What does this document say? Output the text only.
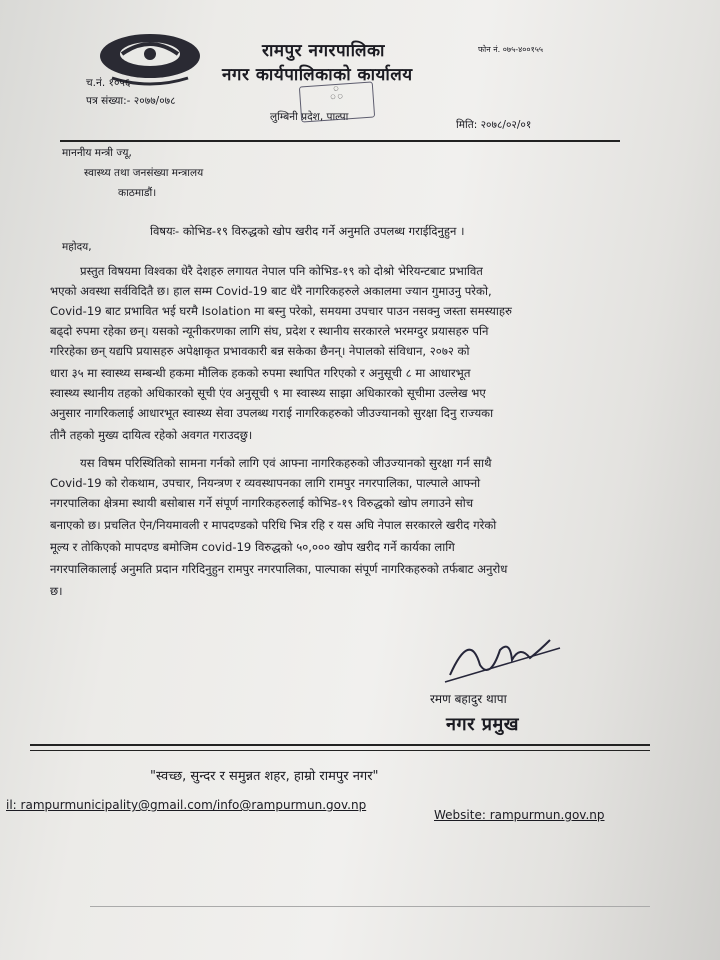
रामपुर नगरपालिका
नगर कार्यपालिकाको कार्यालय
लुम्बिनी प्रदेश, पाल्पा
च.नं. १०५६
पत्र संख्या:- २०७७/०७८
फोन नं. ०७५-४००१५५
मिति: २०७८/०२/०१
○
○ ○
माननीय मन्त्री ज्यू,
स्वास्थ्य तथा जनसंख्या मन्त्रालय
काठमाडौं।
विषयः- कोभिड-१९ विरुद्धको खोप खरीद गर्ने अनुमति उपलब्ध गराईदिनुहुन ।
महोदय,
प्रस्तुत विषयमा विश्वका धेरै देशहरु लगायत नेपाल पनि कोभिड-१९ को दोश्रो भेरियन्टबाट प्रभावित
भएको अवस्था सर्वविदितै छ। हाल सम्म Covid-19 बाट धेरै नागरिकहरुले अकालमा ज्यान गुमाउनु परेको,
Covid-19 बाट प्रभावित भई घरमै Isolation मा बस्नु परेको, समयमा उपचार पाउन नसक्नु जस्ता समस्याहरु
बढ्दो रुपमा रहेका छन्। यसको न्यूनीकरणका लागि संघ, प्रदेश र स्थानीय सरकारले भरमग्दुर प्रयासहरु पनि
गरिरहेका छन् यद्यपि प्रयासहरु अपेक्षाकृत प्रभावकारी बन्न सकेका छैनन्। नेपालको संविधान, २०७२ को
धारा ३५ मा स्वास्थ्य सम्बन्धी हकमा मौलिक हकको रुपमा स्थापित गरिएको र अनुसूची ८ मा आधारभूत
स्वास्थ्य स्थानीय तहको अधिकारको सूची एंव अनुसूची ९ मा स्वास्थ्य साझा अधिकारको सूचीमा उल्लेख भए
अनुसार नागरिकलाई आधारभूत स्वास्थ्य सेवा उपलब्ध गराई नागरिकहरुको जीउज्यानको सुरक्षा दिनु राज्यका
तीनै तहको मुख्य दायित्व रहेको अवगत गराउदछु।
यस विषम परिस्थितिको सामना गर्नको लागि एवं आफ्ना नागरिकहरुको जीउज्यानको सुरक्षा गर्न साथै
Covid-19 को रोकथाम, उपचार, नियन्त्रण र व्यवस्थापनका लागि रामपुर नगरपालिका, पाल्पाले आफ्नो
नगरपालिका क्षेत्रमा स्थायी बसोबास गर्ने संपूर्ण नागरिकहरुलाई कोभिड-१९ विरुद्धको खोप लगाउने सोच
बनाएको छ। प्रचलित ऐन/नियमावली र मापदण्डको परिधि भित्र रहि र यस अघि नेपाल सरकारले खरीद गरेको
मूल्य र तोकिएको मापदण्ड बमोजिम covid-19 विरुद्धको ५०,००० खोप खरीद गर्ने कार्यका लागि
नगरपालिकालाई अनुमति प्रदान गरिदिनुहुन रामपुर नगरपालिका, पाल्पाका संपूर्ण नागरिकहरुको तर्फबाट अनुरोध
छ।
रमण बहादुर थापा
नगर प्रमुख
"स्वच्छ, सुन्दर र समुन्नत शहर, हाम्रो रामपुर नगर"
il: rampurmunicipality@gmail.com/info@rampurmun.gov.np
Website: rampurmun.gov.np
